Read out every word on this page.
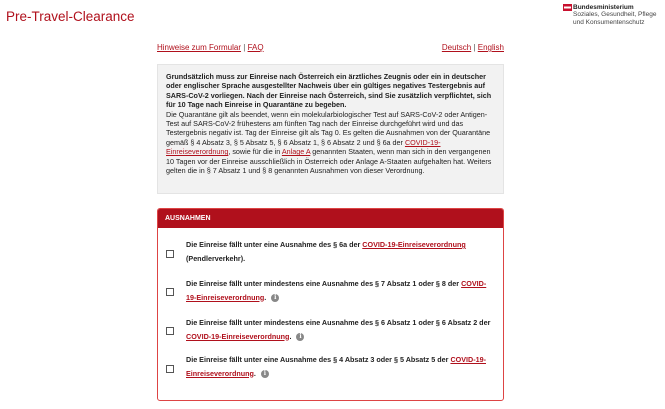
Pre-Travel-Clearance
Bundesministerium
Soziales, Gesundheit, Pflege
und Konsumentenschutz
Hinweise zum Formular | FAQ	Deutsch | English
Grundsätzlich muss zur Einreise nach Österreich ein ärztliches Zeugnis oder ein in deutscher oder englischer Sprache ausgestellter Nachweis über ein gültiges negatives Testergebnis auf SARS-CoV-2 vorliegen. Nach der Einreise nach Österreich, sind Sie zusätzlich verpflichtet, sich für 10 Tage nach Einreise in Quarantäne zu begeben.
Die Quarantäne gilt als beendet, wenn ein molekularbiologischer Test auf SARS-CoV-2 oder Antigen-Test auf SARS-CoV-2 frühestens am fünften Tag nach der Einreise durchgeführt wird und das Testergebnis negativ ist. Tag der Einreise gilt als Tag 0. Es gelten die Ausnahmen von der Quarantäne gemäß § 4 Absatz 3, § 5 Absatz 5, § 6 Absatz 1, § 6 Absatz 2 und § 6a der COVID-19-Einreiseverordnung, sowie für die in Anlage A genannten Staaten, wenn man sich in den vergangenen 10 Tagen vor der Einreise ausschließlich in Österreich oder Anlage A-Staaten aufgehalten hat. Weiters gelten die in § 7 Absatz 1 und § 8 genannten Ausnahmen von dieser Verordnung.
AUSNAHMEN
Die Einreise fällt unter eine Ausnahme des § 6a der COVID-19-Einreiseverordnung (Pendlerverkehr).
Die Einreise fällt unter mindestens eine Ausnahme des § 7 Absatz 1 oder § 8 der COVID-19-Einreiseverordnung. i
Die Einreise fällt unter mindestens eine Ausnahme des § 6 Absatz 1 oder § 6 Absatz 2 der COVID-19-Einreiseverordnung. i
Die Einreise fällt unter eine Ausnahme des § 4 Absatz 3 oder § 5 Absatz 5 der COVID-19-Einreiseverordnung. i
